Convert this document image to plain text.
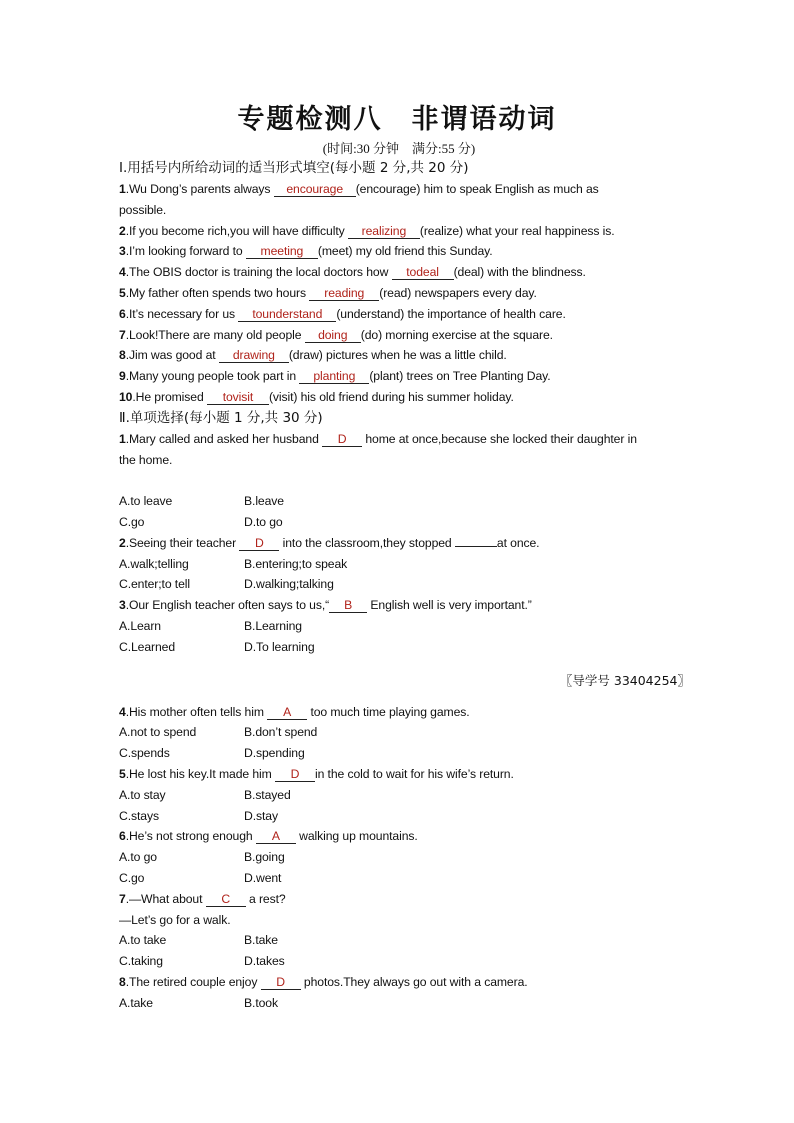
专题检测八　非谓语动词
(时间:30 分钟　满分:55 分)
Ⅰ.用括号内所给动词的适当形式填空(每小题 2 分,共 20 分)
1.Wu Dong’s parents always encourage (encourage) him to speak English as much as
possible.
2.If you become rich,you will have difficulty realizing (realize) what your real happiness is.
3.I’m looking forward to meeting (meet) my old friend this Sunday.
4.The OBIS doctor is training the local doctors how todeal (deal) with the blindness.
5.My father often spends two hours reading (read) newspapers every day.
6.It’s necessary for us tounderstand (understand) the importance of health care.
7.Look!There are many old people doing (do) morning exercise at the square.
8.Jim was good at drawing (draw) pictures when he was a little child.
9.Many young people took part in planting (plant) trees on Tree Planting Day.
10.He promised tovisit (visit) his old friend during his summer holiday.
Ⅱ.单项选择(每小题 1 分,共 30 分)
1.Mary called and asked her husband D home at once,because she locked their daughter in
the home.
A.to leave	B.leave
C.go	D.to go
2.Seeing their teacher D into the classroom,they stopped	at once.
A.walk;telling	B.entering;to speak
C.enter;to tell	D.walking;talking
3.Our English teacher often says to us,“ B English well is very important.”
A.Learn	B.Learning
C.Learned	D.To learning
〖导学号 33404254〗
4.His mother often tells him A too much time playing games.
A.not to spend	B.don’t spend
C.spends	D.spending
5.He lost his key.It made him D in the cold to wait for his wife’s return.
A.to stay	B.stayed
C.stays	D.stay
6.He’s not strong enough A walking up mountains.
A.to go	B.going
C.go	D.went
7.—What about C a rest?
—Let’s go for a walk.
A.to take	B.take
C.taking	D.takes
8.The retired couple enjoy D photos.They always go out with a camera.
A.take	B.took
